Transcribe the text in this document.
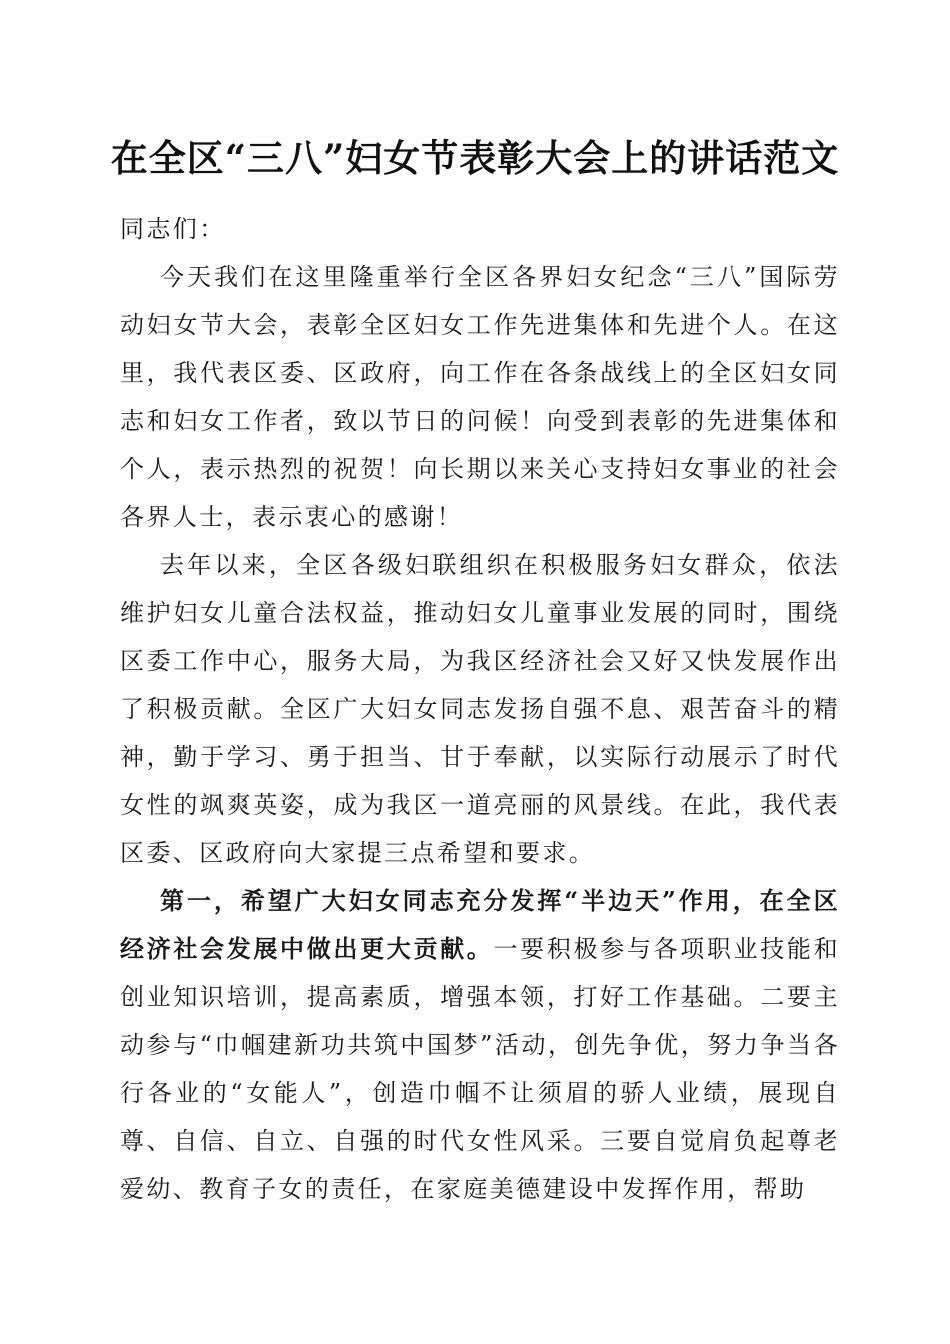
在全区“三八”妇女节表彰大会上的讲话范文

同志们：

今天我们在这里隆重举行全区各界妇女纪念“三八”国际劳动妇女节大会，表彰全区妇女工作先进集体和先进个人。在这里，我代表区委、区政府，向工作在各条战线上的全区妇女同志和妇女工作者，致以节日的问候！向受到表彰的先进集体和个人，表示热烈的祝贺！向长期以来关心支持妇女事业的社会各界人士，表示衷心的感谢！

去年以来，全区各级妇联组织在积极服务妇女群众，依法维护妇女儿童合法权益，推动妇女儿童事业发展的同时，围绕区委工作中心，服务大局，为我区经济社会又好又快发展作出了积极贡献。全区广大妇女同志发扬自强不息、艰苦奋斗的精神，勤于学习、勇于担当、甘于奉献，以实际行动展示了时代女性的飒爽英姿，成为我区一道亮丽的风景线。在此，我代表区委、区政府向大家提三点希望和要求。

第一，希望广大妇女同志充分发挥“半边天”作用，在全区经济社会发展中做出更大贡献。一要积极参与各项职业技能和创业知识培训，提高素质，增强本领，打好工作基础。二要主动参与“巾帼建新功共筑中国梦”活动，创先争优，努力争当各行各业的“女能人”，创造巾帼不让须眉的骄人业绩，展现自尊、自信、自立、自强的时代女性风采。三要自觉肩负起尊老爱幼、教育子女的责任，在家庭美德建设中发挥作用，帮助
